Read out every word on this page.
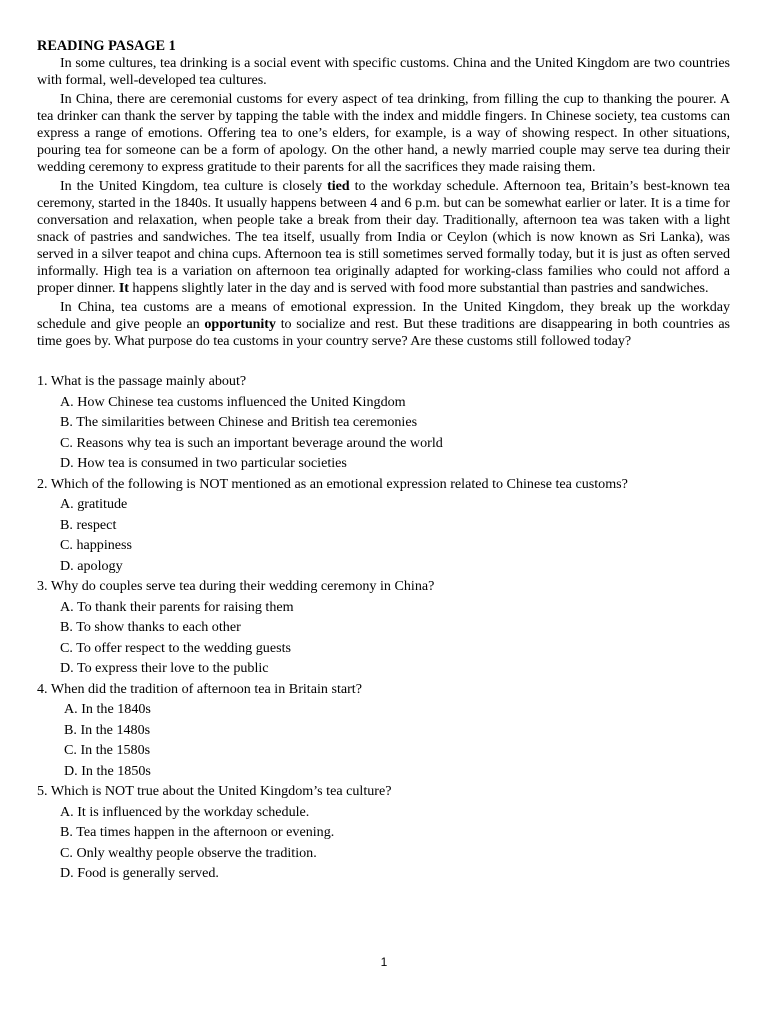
READING PASAGE 1

In some cultures, tea drinking is a social event with specific customs. China and the United Kingdom are two countries with formal, well-developed tea cultures.

In China, there are ceremonial customs for every aspect of tea drinking, from filling the cup to thanking the pourer. A tea drinker can thank the server by tapping the table with the index and middle fingers. In Chinese society, tea customs can express a range of emotions. Offering tea to one’s elders, for example, is a way of showing respect. In other situations, pouring tea for someone can be a form of apology. On the other hand, a newly married couple may serve tea during their wedding ceremony to express gratitude to their parents for all the sacrifices they made raising them.

In the United Kingdom, tea culture is closely tied to the workday schedule. Afternoon tea, Britain’s best-known tea ceremony, started in the 1840s. It usually happens between 4 and 6 p.m. but can be somewhat earlier or later. It is a time for conversation and relaxation, when people take a break from their day. Traditionally, afternoon tea was taken with a light snack of pastries and sandwiches. The tea itself, usually from India or Ceylon (which is now known as Sri Lanka), was served in a silver teapot and china cups. Afternoon tea is still sometimes served formally today, but it is just as often served informally. High tea is a variation on afternoon tea originally adapted for working-class families who could not afford a proper dinner. It happens slightly later in the day and is served with food more substantial than pastries and sandwiches.

In China, tea customs are a means of emotional expression. In the United Kingdom, they break up the workday schedule and give people an opportunity to socialize and rest. But these traditions are disappearing in both countries as time goes by. What purpose do tea customs in your country serve? Are these customs still followed today?

1. What is the passage mainly about?

A. How Chinese tea customs influenced the United Kingdom

B. The similarities between Chinese and British tea ceremonies

C. Reasons why tea is such an important beverage around the world

D. How tea is consumed in two particular societies

2. Which of the following is NOT mentioned as an emotional expression related to Chinese tea customs?

A. gratitude

B. respect

C. happiness

D. apology

3. Why do couples serve tea during their wedding ceremony in China?

A. To thank their parents for raising them

B. To show thanks to each other

C. To offer respect to the wedding guests

D. To express their love to the public

4. When did the tradition of afternoon tea in Britain start?

A. In the 1840s

B. In the 1480s

C. In the 1580s

D. In the 1850s

5. Which is NOT true about the United Kingdom’s tea culture?

A. It is influenced by the workday schedule.

B. Tea times happen in the afternoon or evening.

C. Only wealthy people observe the tradition.

D. Food is generally served.

1
